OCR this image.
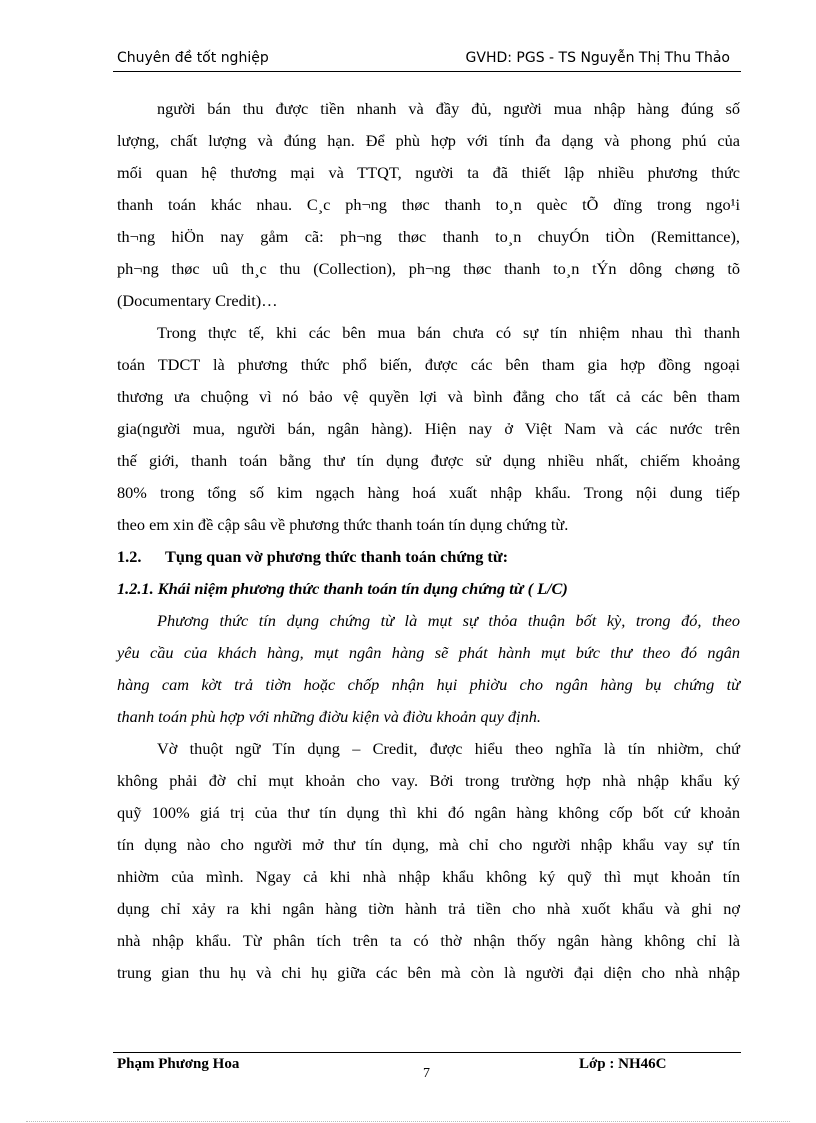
Chuyên đề tốt nghiệp	GVHD: PGS - TS Nguyễn Thị Thu Thảo
người bán thu được tiền nhanh và đầy đủ, người mua nhập hàng đúng số
lượng, chất lượng và đúng hạn. Để phù hợp với tính đa dạng và phong phú của
mối quan hệ thương mại và TTQT, người ta đã thiết lập nhiều phương thức
thanh toán khác nhau. C¸c ph¬ng thøc thanh to¸n quèc tÕ dïng trong ngo¹i
th¬ng hiÖn nay gåm cã: ph¬ng thøc thanh to¸n chuyÓn tiÒn (Remittance),
ph¬ng thøc uû th¸c thu (Collection), ph¬ng thøc thanh to¸n tÝn dông chøng tõ
(Documentary Credit)…
Trong thực tế, khi các bên mua bán chưa có sự tín nhiệm nhau thì thanh
toán TDCT là phương thức phổ biến, được các bên tham gia hợp đồng ngoại
thương ưa chuộng vì nó bảo vệ quyền lợi và bình đẳng cho tất cả các bên tham
gia(người mua, người bán, ngân hàng). Hiện nay ở Việt Nam và các nước trên
thế giới, thanh toán bằng thư tín dụng được sử dụng nhiều nhất, chiếm khoảng
80% trong tổng số kim ngạch hàng hoá xuất nhập khẩu. Trong nội dung tiếp
theo em xin đề cập sâu về phương thức thanh toán tín dụng chứng từ.
1.2. Tụng quan vờ phương thức thanh toán chứng từ:
1.2.1. Khái niệm phương thức thanh toán tín dụng chứng từ ( L/C)
Phương thức tín dụng chứng từ là mụt sự thỏa thuận bốt kỳ, trong đó, theo
yêu cầu của khách hàng, mụt ngân hàng sẽ phát hành mụt bức thư theo đó ngân
hàng cam kờt trả tiờn hoặc chốp nhận hụi phiờu cho ngân hàng bụ chứng từ
thanh toán phù hợp với những điờu kiện và điờu khoản quy định.
Vờ thuột ngữ Tín dụng – Credit, được hiểu theo nghĩa là tín nhiờm, chứ
không phải đờ chỉ mụt khoản cho vay. Bởi trong trường hợp nhà nhập khẩu ký
quỹ 100% giá trị của thư tín dụng thì khi đó ngân hàng không cốp bốt cứ khoản
tín dụng nào cho người mở thư tín dụng, mà chỉ cho người nhập khẩu vay sự tín
nhiờm của mình. Ngay cả khi nhà nhập khẩu không ký quỹ thì mụt khoản tín
dụng chỉ xảy ra khi ngân hàng tiờn hành trả tiền cho nhà xuốt khẩu và ghi nợ
nhà nhập khẩu. Từ phân tích trên ta có thờ nhận thốy ngân hàng không chỉ là
trung gian thu hụ và chi hụ giữa các bên mà còn là người đại diện cho nhà nhập
Phạm Phương Hoa
7
Lớp : NH46C
